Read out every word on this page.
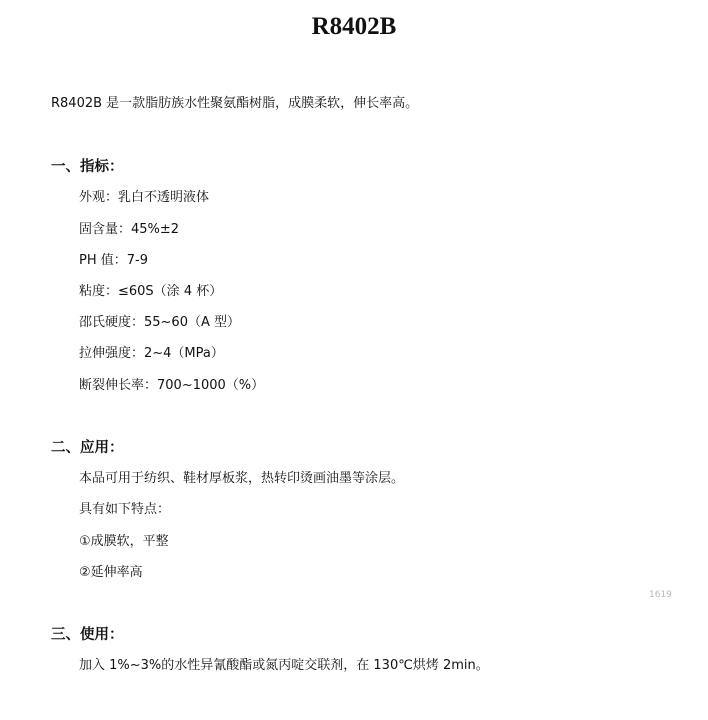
R8402B
R8402B 是一款脂肪族水性聚氨酯树脂，成膜柔软，伸长率高。
一、指标：
外观：乳白不透明液体
固含量：45%±2
PH 值：7-9
粘度：≤60S（涂 4 杯）
邵氏硬度：55~60（A 型）
拉伸强度：2~4（MPa）
断裂伸长率：700~1000（%）
二、应用：
本品可用于纺织、鞋材厚板浆，热转印烫画油墨等涂层。
具有如下特点：
①成膜软，平整
②延伸率高
1619
三、使用：
加入 1%~3%的水性异氰酸酯或氮丙啶交联剂，在 130℃烘烤 2min。
